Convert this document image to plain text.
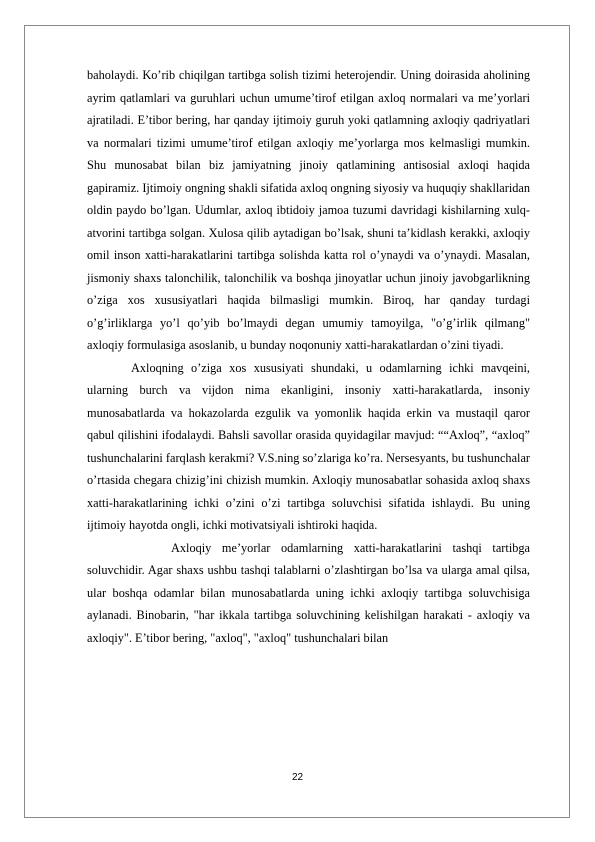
baholaydi. Ko’rib chiqilgan tartibga solish tizimi heterojendir. Uning doirasida aholining ayrim qatlamlari va guruhlari uchun umume’tirof etilgan axloq normalari va me’yorlari ajratiladi. E’tibor bering, har qanday ijtimoiy guruh yoki qatlamning axloqiy qadriyatlari va normalari tizimi umume’tirof etilgan axloqiy me’yorlarga mos kelmasligi mumkin. Shu munosabat bilan biz jamiyatning jinoiy qatlamining antisosial axloqi haqida gapiramiz. Ijtimoiy ongning shakli sifatida axloq ongning siyosiy va huquqiy shakllaridan oldin paydo bo’lgan. Udumlar, axloq ibtidoiy jamoa tuzumi davridagi kishilarning xulq-atvorini tartibga solgan. Xulosa qilib aytadigan bo’lsak, shuni ta’kidlash kerakki, axloqiy omil inson xatti-harakatlarini tartibga solishda katta rol o’ynaydi va o’ynaydi. Masalan, jismoniy shaxs talonchilik, talonchilik va boshqa jinoyatlar uchun jinoiy javobgarlikning o’ziga xos xususiyatlari haqida bilmasligi mumkin. Biroq, har qanday turdagi o’g’irliklarga yo’l qo’yib bo’lmaydi degan umumiy tamoyilga, "o’g’irlik qilmang" axloqiy formulasiga asoslanib, u bunday noqonuniy xatti-harakatlardan o’zini tiyadi.

Axloqning o’ziga xos xususiyati shundaki, u odamlarning ichki mavqeini, ularning burch va vijdon nima ekanligini, insoniy xatti-harakatlarda, insoniy munosabatlarda va hokazolarda ezgulik va yomonlik haqida erkin va mustaqil qaror qabul qilishini ifodalaydi. Bahsli savollar orasida quyidagilar mavjud: ““Axloq”, “axloq” tushunchalarini farqlash kerakmi? V.S.ning so’zlariga ko’ra. Nersesyants, bu tushunchalar o’rtasida chegara chizig’ini chizish mumkin. Axloqiy munosabatlar sohasida axloq shaxs xatti-harakatlarining ichki o’zini o’zi tartibga soluvchisi sifatida ishlaydi. Bu uning ijtimoiy hayotda ongli, ichki motivatsiyali ishtiroki haqida.

Axloqiy me’yorlar odamlarning xatti-harakatlarini tashqi tartibga soluvchidir. Agar shaxs ushbu tashqi talablarni o’zlashtirgan bo’lsa va ularga amal qilsa, ular boshqa odamlar bilan munosabatlarda uning ichki axloqiy tartibga soluvchisiga aylanadi. Binobarin, "har ikkala tartibga soluvchining kelishilgan harakati - axloqiy va axloqiy". E’tibor bering, "axloq", "axloq" tushunchalari bilan

22
